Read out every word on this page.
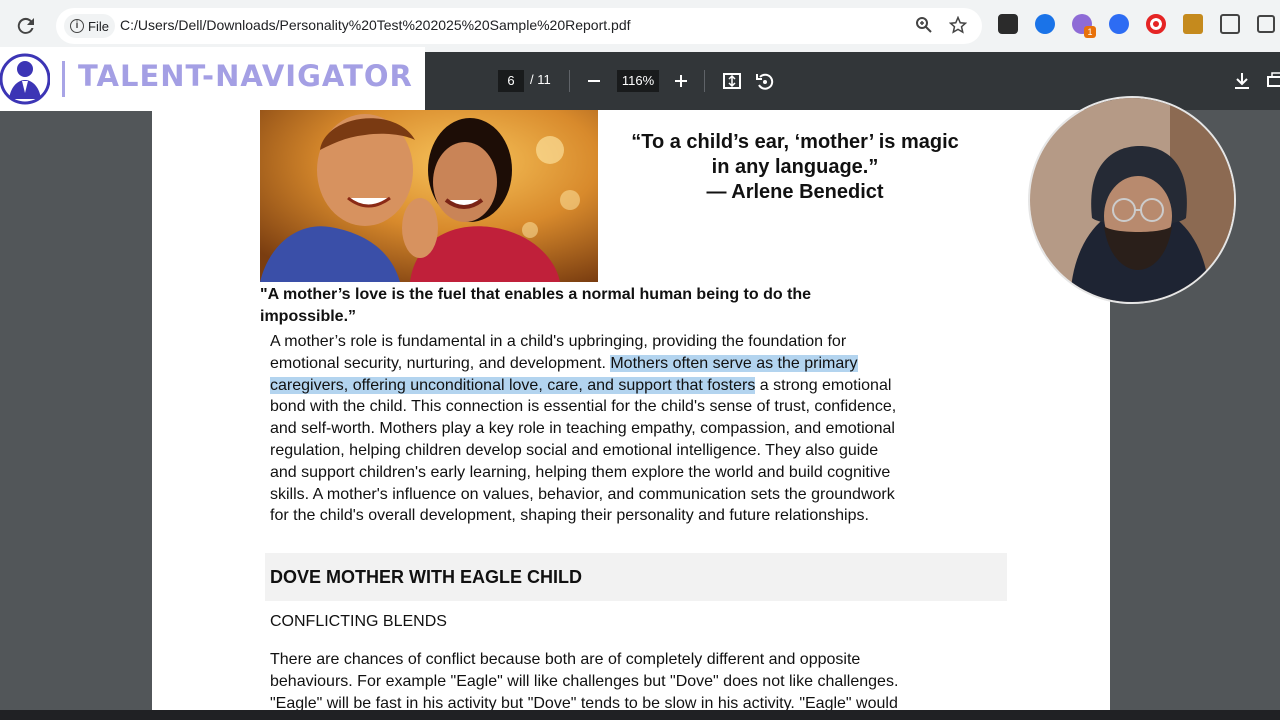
i File C:/Users/Dell/Downloads/Personality%20Test%202025%20Sample%20Report.pdf	1
6	/ 11	116%
TALENT-NAVIGATOR
“To a child’s ear, ‘mother’ is magic
in any language.”
— Arlene Benedict
"A mother’s love is the fuel that enables a normal human being to do the
impossible.”
A mother’s role is fundamental in a child's upbringing, providing the foundation for
emotional security, nurturing, and development. Mothers often serve as the primary
caregivers, offering unconditional love, care, and support that fosters a strong emotional
bond with the child. This connection is essential for the child's sense of trust, confidence,
and self-worth. Mothers play a key role in teaching empathy, compassion, and emotional
regulation, helping children develop social and emotional intelligence. They also guide
and support children's early learning, helping them explore the world and build cognitive
skills. A mother's influence on values, behavior, and communication sets the groundwork
for the child's overall development, shaping their personality and future relationships.
DOVE MOTHER WITH EAGLE CHILD
CONFLICTING BLENDS
There are chances of conflict because both are of completely different and opposite
behaviours. For example "Eagle" will like challenges but "Dove" does not like challenges.
"Eagle" will be fast in his activity but "Dove" tends to be slow in his activity. "Eagle" would
